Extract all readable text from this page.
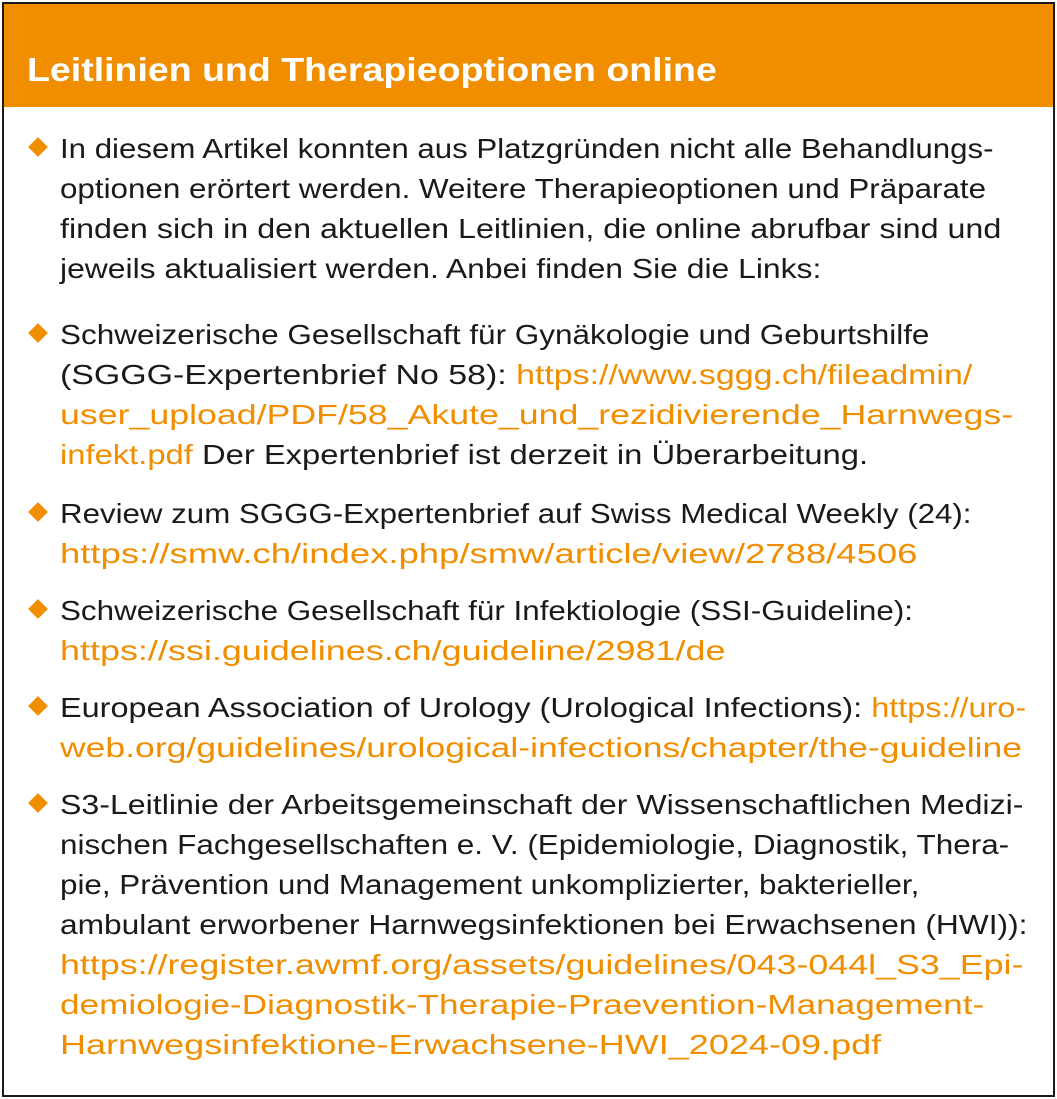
Leitlinien und Therapieoptionen online
In diesem Artikel konnten aus Platzgründen nicht alle Behandlungs-
optionen erörtert werden. Weitere Therapieoptionen und Präparate
finden sich in den aktuellen Leitlinien, die online abrufbar sind und
jeweils aktualisiert werden. Anbei finden Sie die Links:
Schweizerische Gesellschaft für Gynäkologie und Geburtshilfe
(SGGG-Expertenbrief No 58): https://www.sggg.ch/fileadmin/
user_upload/PDF/58_Akute_und_rezidivierende_Harnwegs-
infekt.pdf Der Expertenbrief ist derzeit in Überarbeitung.
Review zum SGGG-Expertenbrief auf Swiss Medical Weekly (24):
https://smw.ch/index.php/smw/article/view/2788/4506
Schweizerische Gesellschaft für Infektiologie (SSI-Guideline):
https://ssi.guidelines.ch/guideline/2981/de
European Association of Urology (Urological Infections): https://uro-
web.org/guidelines/urological-infections/chapter/the-guideline
S3-Leitlinie der Arbeitsgemeinschaft der Wissenschaftlichen Medizi-
nischen Fachgesellschaften e. V. (Epidemiologie, Diagnostik, Thera-
pie, Prävention und Management unkomplizierter, bakterieller,
ambulant erworbener Harnwegsinfektionen bei Erwachsenen (HWI)):
https://register.awmf.org/assets/guidelines/043-044l_S3_Epi-
demiologie-Diagnostik-Therapie-Praevention-Management-
Harnwegsinfektione-Erwachsene-HWI_2024-09.pdf
